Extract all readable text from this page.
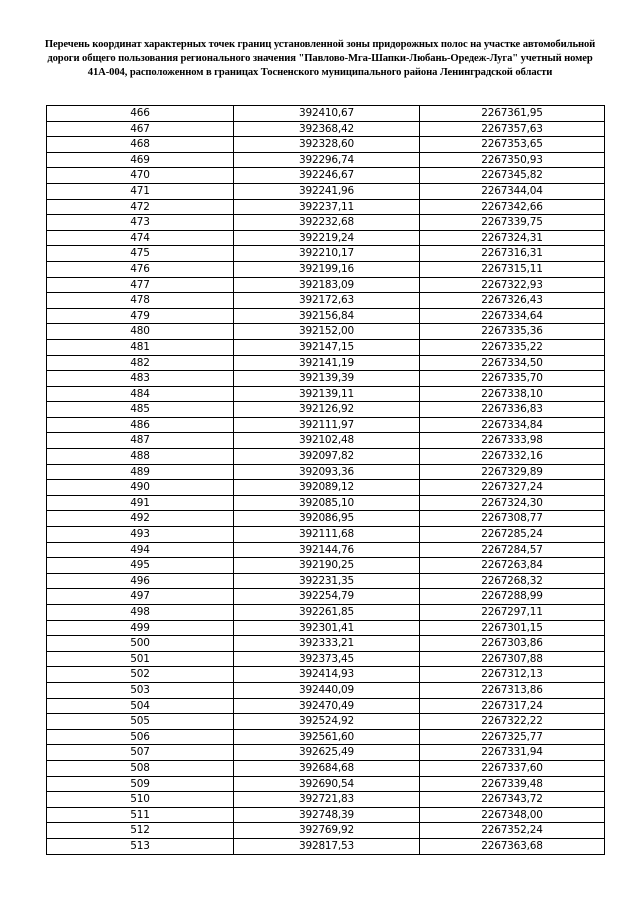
Перечень координат характерных точек границ установленной зоны придорожных полос на участке автомобильной дороги общего пользования регионального значения "Павлово-Мга-Шапки-Любань-Оредеж-Луга" учетный номер 41А-004, расположенном в границах Тосненского муниципального района Ленинградской области
466	392410,67	2267361,95
467	392368,42	2267357,63
468	392328,60	2267353,65
469	392296,74	2267350,93
470	392246,67	2267345,82
471	392241,96	2267344,04
472	392237,11	2267342,66
473	392232,68	2267339,75
474	392219,24	2267324,31
475	392210,17	2267316,31
476	392199,16	2267315,11
477	392183,09	2267322,93
478	392172,63	2267326,43
479	392156,84	2267334,64
480	392152,00	2267335,36
481	392147,15	2267335,22
482	392141,19	2267334,50
483	392139,39	2267335,70
484	392139,11	2267338,10
485	392126,92	2267336,83
486	392111,97	2267334,84
487	392102,48	2267333,98
488	392097,82	2267332,16
489	392093,36	2267329,89
490	392089,12	2267327,24
491	392085,10	2267324,30
492	392086,95	2267308,77
493	392111,68	2267285,24
494	392144,76	2267284,57
495	392190,25	2267263,84
496	392231,35	2267268,32
497	392254,79	2267288,99
498	392261,85	2267297,11
499	392301,41	2267301,15
500	392333,21	2267303,86
501	392373,45	2267307,88
502	392414,93	2267312,13
503	392440,09	2267313,86
504	392470,49	2267317,24
505	392524,92	2267322,22
506	392561,60	2267325,77
507	392625,49	2267331,94
508	392684,68	2267337,60
509	392690,54	2267339,48
510	392721,83	2267343,72
511	392748,39	2267348,00
512	392769,92	2267352,24
513	392817,53	2267363,68
